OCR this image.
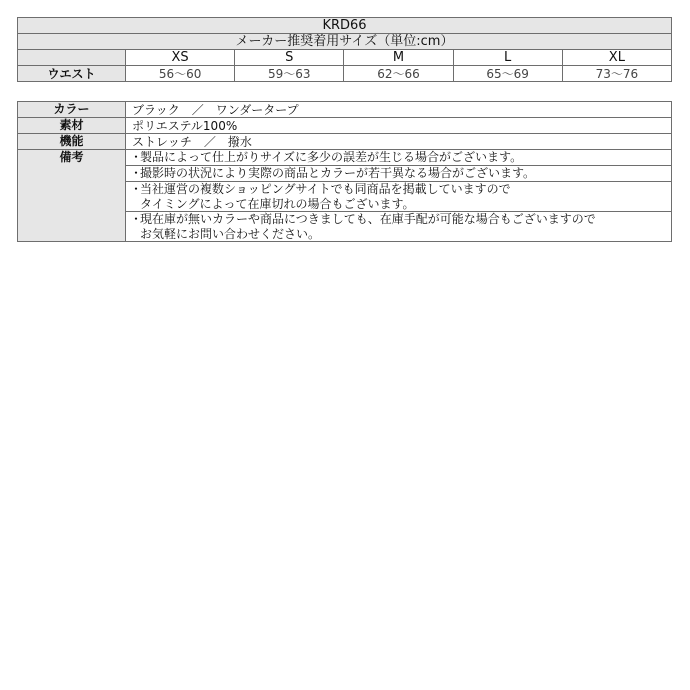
KRD66					
メーカー推奨着用サイズ（単位:cm）					
	XS	S	M	L	XL
ウエスト	56〜60	59〜63	62〜66	65〜69	73〜76
カラー	ブラック　／　ワンダータープ
素材	ポリエステル100%
機能	ストレッチ　／　撥水
備考	・製品によって仕上がりサイズに多少の誤差が生じる場合がございます。

	・撮影時の状況により実際の商品とカラーが若干異なる場合がございます。

	・当社運営の複数ショッピングサイトでも同商品を掲載していますので
タイミングによって在庫切れの場合もございます。

	・現在庫が無いカラーや商品につきましても、在庫手配が可能な場合もございますので
お気軽にお問い合わせください。
